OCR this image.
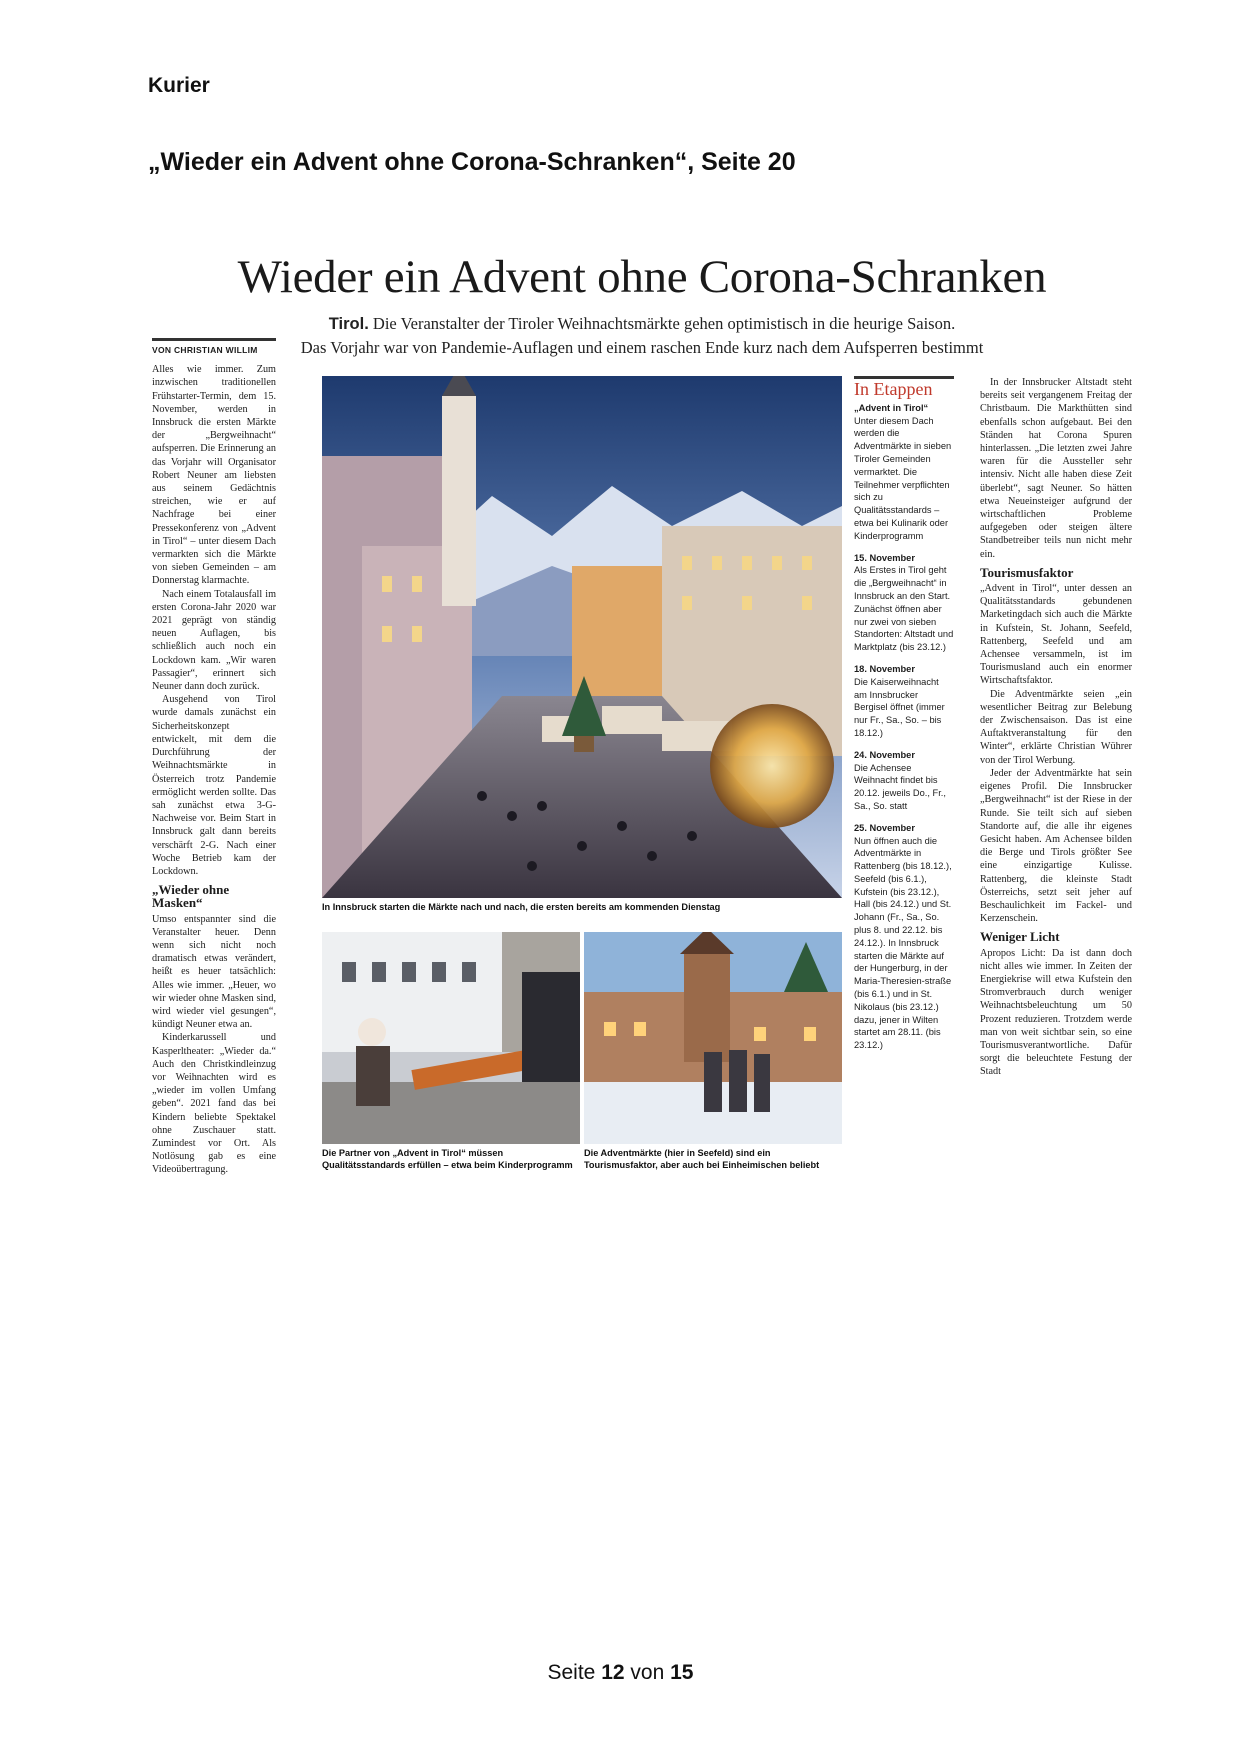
Kurier
„Wieder ein Advent ohne Corona-Schranken“, Seite 20
Wieder ein Advent ohne Corona-Schranken
Tirol. Die Veranstalter der Tiroler Weihnachtsmärkte gehen optimistisch in die heurige Saison.
Das Vorjahr war von Pandemie-Auflagen und einem raschen Ende kurz nach dem Aufsperren bestimmt
VON CHRISTIAN WILLIM

Alles wie immer. Zum inzwischen traditionellen Frühstarter-Termin, dem 15. November, werden in Innsbruck die ersten Märkte der „Bergweihnacht“ aufsperren. Die Erinnerung an das Vorjahr will Organisator Robert Neuner am liebsten aus seinem Gedächtnis streichen, wie er auf Nachfrage bei einer Pressekonferenz von „Advent in Tirol“ – unter diesem Dach vermarkten sich die Märkte von sieben Gemeinden – am Donnerstag klarmachte.

Nach einem Totalausfall im ersten Corona-Jahr 2020 war 2021 geprägt von ständig neuen Auflagen, bis schließlich auch noch ein Lockdown kam. „Wir waren Passagier“, erinnert sich Neuner dann doch zurück.

Ausgehend von Tirol wurde damals zunächst ein Sicherheitskonzept entwickelt, mit dem die Durchführung der Weihnachtsmärkte in Österreich trotz Pandemie ermöglicht werden sollte. Das sah zunächst etwa 3-G-Nachweise vor. Beim Start in Innsbruck galt dann bereits verschärft 2-G. Nach einer Woche Betrieb kam der Lockdown.

„Wieder ohne Masken“

Umso entspannter sind die Veranstalter heuer. Denn wenn sich nicht noch dramatisch etwas verändert, heißt es heuer tatsächlich: Alles wie immer. „Heuer, wo wir wieder ohne Masken sind, wird wieder viel gesungen“, kündigt Neuner etwa an.

Kinderkarussell und Kasperltheater: „Wieder da.“ Auch den Christkindleinzug vor Weihnachten wird es „wieder im vollen Umfang geben“. 2021 fand das bei Kindern beliebte Spektakel ohne Zuschauer statt. Zumindest vor Ort. Als Notlösung gab es eine Videoübertragung.

In Innsbruck starten die Märkte nach und nach, die ersten bereits am kommenden Dienstag
Die Partner von „Advent in Tirol“ müssen Qualitätsstandards erfüllen – etwa beim Kinderprogramm
Die Adventmärkte (hier in Seefeld) sind ein Tourismusfaktor, aber auch bei Einheimischen beliebt
In Etappen
„Advent in Tirol“
Unter diesem Dach werden die Adventmärkte in sieben Tiroler Gemeinden vermarktet. Die Teilnehmer verpflichten sich zu Qualitätsstandards – etwa bei Kulinarik oder Kinderprogramm
15. November
Als Erstes in Tirol geht die „Bergweihnacht“ in Innsbruck an den Start. Zunächst öffnen aber nur zwei von sieben Standorten: Altstadt und Marktplatz (bis 23.12.)
18. November
Die Kaiserweihnacht am Innsbrucker Bergisel öffnet (immer nur Fr., Sa., So. – bis 18.12.)
24. November
Die Achensee Weihnacht findet bis 20.12. jeweils Do., Fr., Sa., So. statt
25. November
Nun öffnen auch die Adventmärkte in Rattenberg (bis 18.12.), Seefeld (bis 6.1.), Kufstein (bis 23.12.), Hall (bis 24.12.) und St. Johann (Fr., Sa., So. plus 8. und 22.12. bis 24.12.). In Innsbruck starten die Märkte auf der Hungerburg, in der Maria-Theresien-straße (bis 6.1.) und in St. Nikolaus (bis 23.12.) dazu, jener in Wilten startet am 28.11. (bis 23.12.)

In der Innsbrucker Altstadt steht bereits seit vergangenem Freitag der Christbaum. Die Markthütten sind ebenfalls schon aufgebaut. Bei den Ständen hat Corona Spuren hinterlassen. „Die letzten zwei Jahre waren für die Aussteller sehr intensiv. Nicht alle haben diese Zeit überlebt“, sagt Neuner. So hätten etwa Neueinsteiger aufgrund der wirtschaftlichen Probleme aufgegeben oder steigen ältere Standbetreiber teils nun nicht mehr ein.

Tourismusfaktor

„Advent in Tirol“, unter dessen an Qualitätsstandards gebundenen Marketingdach sich auch die Märkte in Kufstein, St. Johann, Seefeld, Rattenberg, Seefeld und am Achensee versammeln, ist im Tourismusland auch ein enormer Wirtschaftsfaktor.

Die Adventmärkte seien „ein wesentlicher Beitrag zur Belebung der Zwischensaison. Das ist eine Auftaktveranstaltung für den Winter“, erklärte Christian Wührer von der Tirol Werbung.

Jeder der Adventmärkte hat sein eigenes Profil. Die Innsbrucker „Bergweihnacht“ ist der Riese in der Runde. Sie teilt sich auf sieben Standorte auf, die alle ihr eigenes Gesicht haben. Am Achensee bilden die Berge und Tirols größter See eine einzigartige Kulisse. Rattenberg, die kleinste Stadt Österreichs, setzt seit jeher auf Beschaulichkeit im Fackel- und Kerzenschein.

Weniger Licht

Apropos Licht: Da ist dann doch nicht alles wie immer. In Zeiten der Energiekrise will etwa Kufstein den Stromverbrauch durch weniger Weihnachtsbeleuchtung um 50 Prozent reduzieren. Trotzdem werde man von weit sichtbar sein, so eine Tourismusverantwortliche. Dafür sorgt die beleuchtete Festung der Stadt

Seite 12 von 15
